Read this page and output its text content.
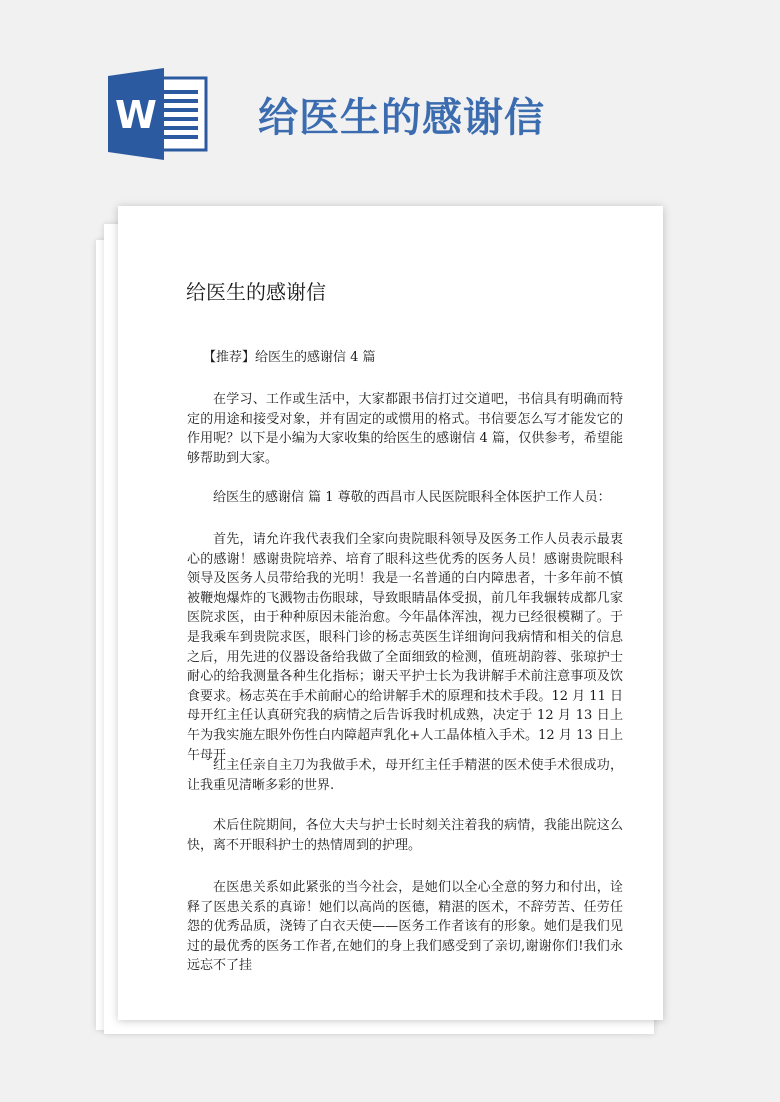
W	给医生的感谢信
给医生的感谢信

【推荐】给医生的感谢信 4 篇

在学习、工作或生活中，大家都跟书信打过交道吧，书信具有明确而特定的用途和接受对象，并有固定的或惯用的格式。书信要怎么写才能发它的作用呢？以下是小编为大家收集的给医生的感谢信 4 篇，仅供参考，希望能够帮助到大家。

给医生的感谢信 篇 1 尊敬的西昌市人民医院眼科全体医护工作人员：

首先，请允许我代表我们全家向贵院眼科领导及医务工作人员表示最衷心的感谢！感谢贵院培养、培育了眼科这些优秀的医务人员！感谢贵院眼科领导及医务人员带给我的光明！我是一名普通的白内障患者，十多年前不慎被鞭炮爆炸的飞溅物击伤眼球，导致眼睛晶体受损，前几年我辗转成都几家医院求医，由于种种原因未能治愈。今年晶体浑浊，视力已经很模糊了。于是我乘车到贵院求医，眼科门诊的杨志英医生详细询问我病情和相关的信息之后，用先进的仪器设备给我做了全面细致的检测，值班胡韵蓉、张琼护士耐心的给我测量各种生化指标；谢天平护士长为我讲解手术前注意事项及饮食要求。杨志英在手术前耐心的给讲解手术的原理和技术手段。12 月 11 日母开红主任认真研究我的病情之后告诉我时机成熟，决定于 12 月 13 日上午为我实施左眼外伤性白内障超声乳化+人工晶体植入手术。12 月 13 日上午母开

红主任亲自主刀为我做手术，母开红主任手精湛的医术使手术很成功，让我重见清晰多彩的世界.

术后住院期间，各位大夫与护士长时刻关注着我的病情，我能出院这么快，离不开眼科护士的热情周到的护理。

在医患关系如此紧张的当今社会，是她们以全心全意的努力和付出，诠释了医患关系的真谛！她们以高尚的医德，精湛的医术，不辞劳苦、任劳任怨的优秀品质，浇铸了白衣天使——医务工作者该有的形象。她们是我们见过的最优秀的医务工作者,在她们的身上我们感受到了亲切,谢谢你们!我们永远忘不了挂
